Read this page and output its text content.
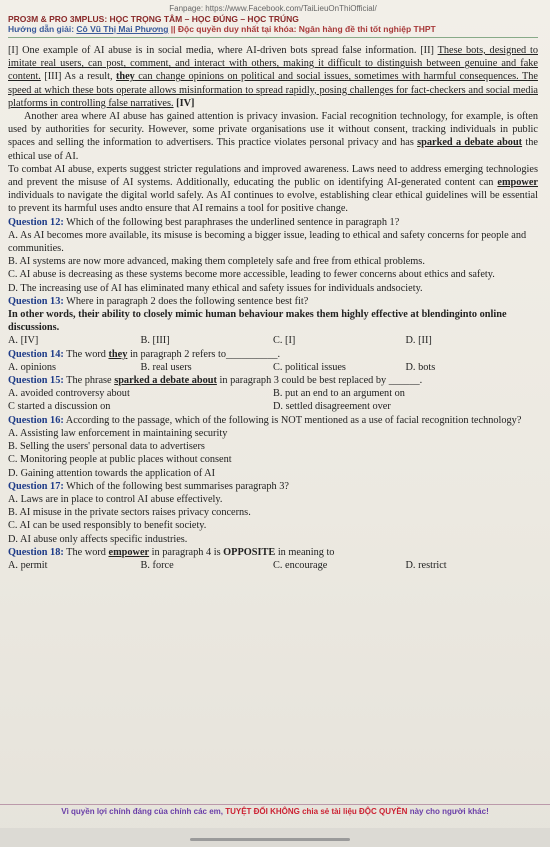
Fanpage: https://www.Facebook.com/TaiLieuOnThiOfficial/
PRO3M & PRO 3MPLUS: HỌC TRỌNG TÂM – HỌC ĐÚNG – HỌC TRÚNG
Hướng dẫn giải: Cô Vũ Thị Mai Phương || Độc quyền duy nhất tại khóa: Ngân hàng đề thi tốt nghiệp THPT

[I] One example of AI abuse is in social media, where AI-driven bots spread false information. [II] These bots, designed to imitate real users, can post, comment, and interact with others, making it difficult to distinguish between genuine and fake content. [III] As a result, they can change opinions on political and social issues, sometimes with harmful consequences. The speed at which these bots operate allows misinformation to spread rapidly, posing challenges for fact-checkers and social media platforms in controlling false narratives. [IV]

Another area where AI abuse has gained attention is privacy invasion. Facial recognition technology, for example, is often used by authorities for security. However, some private organisations use it without consent, tracking individuals in public spaces and selling the information to advertisers. This practice violates personal privacy and has sparked a debate about the ethical use of AI.

To combat AI abuse, experts suggest stricter regulations and improved awareness. Laws need to address emerging technologies and prevent the misuse of AI systems. Additionally, educating the public on identifying AI-generated content can empower individuals to navigate the digital world safely. As AI continues to evolve, establishing clear ethical guidelines will be essential to prevent its harmful uses andto ensure that AI remains a tool for positive change.

Question 12: Which of the following best paraphrases the underlined sentence in paragraph 1?

A. As AI becomes more available, its misuse is becoming a bigger issue, leading to ethical and safety concerns for people and communities.

B. AI systems are now more advanced, making them completely safe and free from ethical problems.

C. AI abuse is decreasing as these systems become more accessible, leading to fewer concerns about ethics and safety.

D. The increasing use of AI has eliminated many ethical and safety issues for individuals andsociety.

Question 13: Where in paragraph 2 does the following sentence best fit?

In other words, their ability to closely mimic human behaviour makes them highly effective at blendinginto online discussions.

A. [IV]	B. [III]	C. [I]	D. [II]

Question 14: The word they in paragraph 2 refers to__________.

A. opinions	B. real users	C. political issues	D. bots

Question 15: The phrase sparked a debate about in paragraph 3 could be best replaced by ______.

A. avoided controversy about	B. put an end to an argument on
C started a discussion on	D. settled disagreement over

Question 16: According to the passage, which of the following is NOT mentioned as a use of facial recognition technology?

A. Assisting law enforcement in maintaining security

B. Selling the users' personal data to advertisers

C. Monitoring people at public places without consent

D. Gaining attention towards the application of AI

Question 17: Which of the following best summarises paragraph 3?

A. Laws are in place to control AI abuse effectively.

B. AI misuse in the private sectors raises privacy concerns.

C. AI can be used responsibly to benefit society.

D. AI abuse only affects specific industries.

Question 18: The word empower in paragraph 4 is OPPOSITE in meaning to

A. permit	B. force	C. encourage	D. restrict
Vì quyền lợi chính đáng của chính các em, TUYỆT ĐỐI KHÔNG chia sẻ tài liệu ĐỘC QUYỀN này cho người khác!
